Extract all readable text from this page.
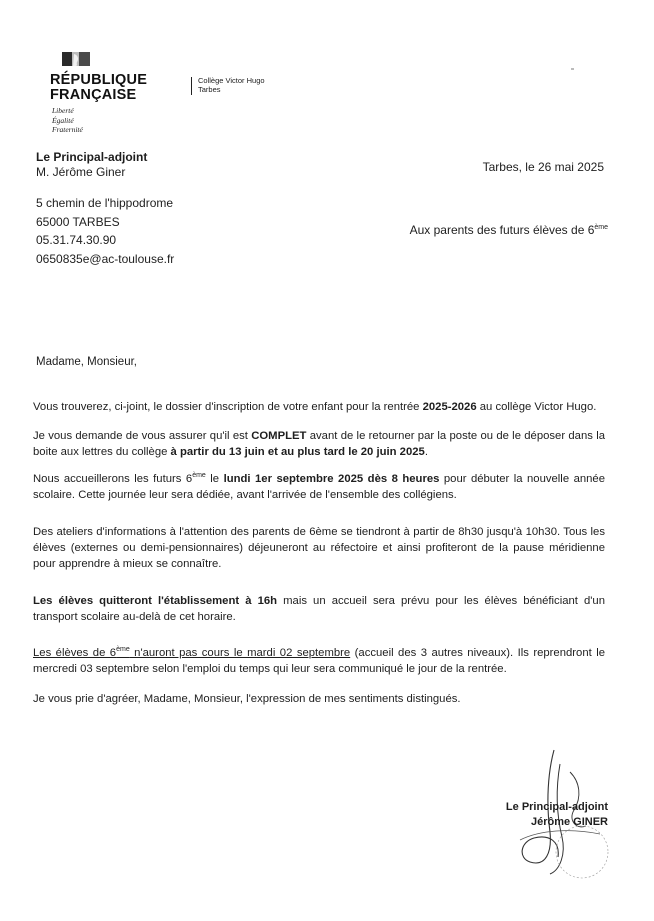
RÉPUBLIQUE
FRANÇAISE
Liberté
Égalité
Fraternité
Collège Victor Hugo
Tarbes
Le Principal-adjoint
M. Jérôme Giner
5 chemin de l'hippodrome
65000 TARBES
05.31.74.30.90
0650835e@ac-toulouse.fr
Tarbes, le 26 mai 2025
Aux parents des futurs élèves de 6ème
Madame, Monsieur,

Vous trouverez, ci-joint, le dossier d'inscription de votre enfant pour la rentrée 2025-2026 au collège Victor Hugo.

Je vous demande de vous assurer qu'il est COMPLET avant de le retourner par la poste ou de le déposer dans la boite aux lettres du collège à partir du 13 juin et au plus tard le 20 juin 2025.

Nous accueillerons les futurs 6ème le lundi 1er septembre 2025 dès 8 heures pour débuter la nouvelle année scolaire. Cette journée leur sera dédiée, avant l'arrivée de l'ensemble des collégiens.

Des ateliers d'informations à l'attention des parents de 6ème se tiendront à partir de 8h30 jusqu'à 10h30. Tous les élèves (externes ou demi-pensionnaires) déjeuneront au réfectoire et ainsi profiteront de la pause méridienne pour apprendre à mieux se connaître.

Les élèves quitteront l'établissement à 16h mais un accueil sera prévu pour les élèves bénéficiant d'un transport scolaire au-delà de cet horaire.

Les élèves de 6ème n'auront pas cours le mardi 02 septembre (accueil des 3 autres niveaux). Ils reprendront le mercredi 03 septembre selon l'emploi du temps qui leur sera communiqué le jour de la rentrée.

Je vous prie d'agréer, Madame, Monsieur, l'expression de mes sentiments distingués.

Le Principal-adjoint
Jérôme GINER
